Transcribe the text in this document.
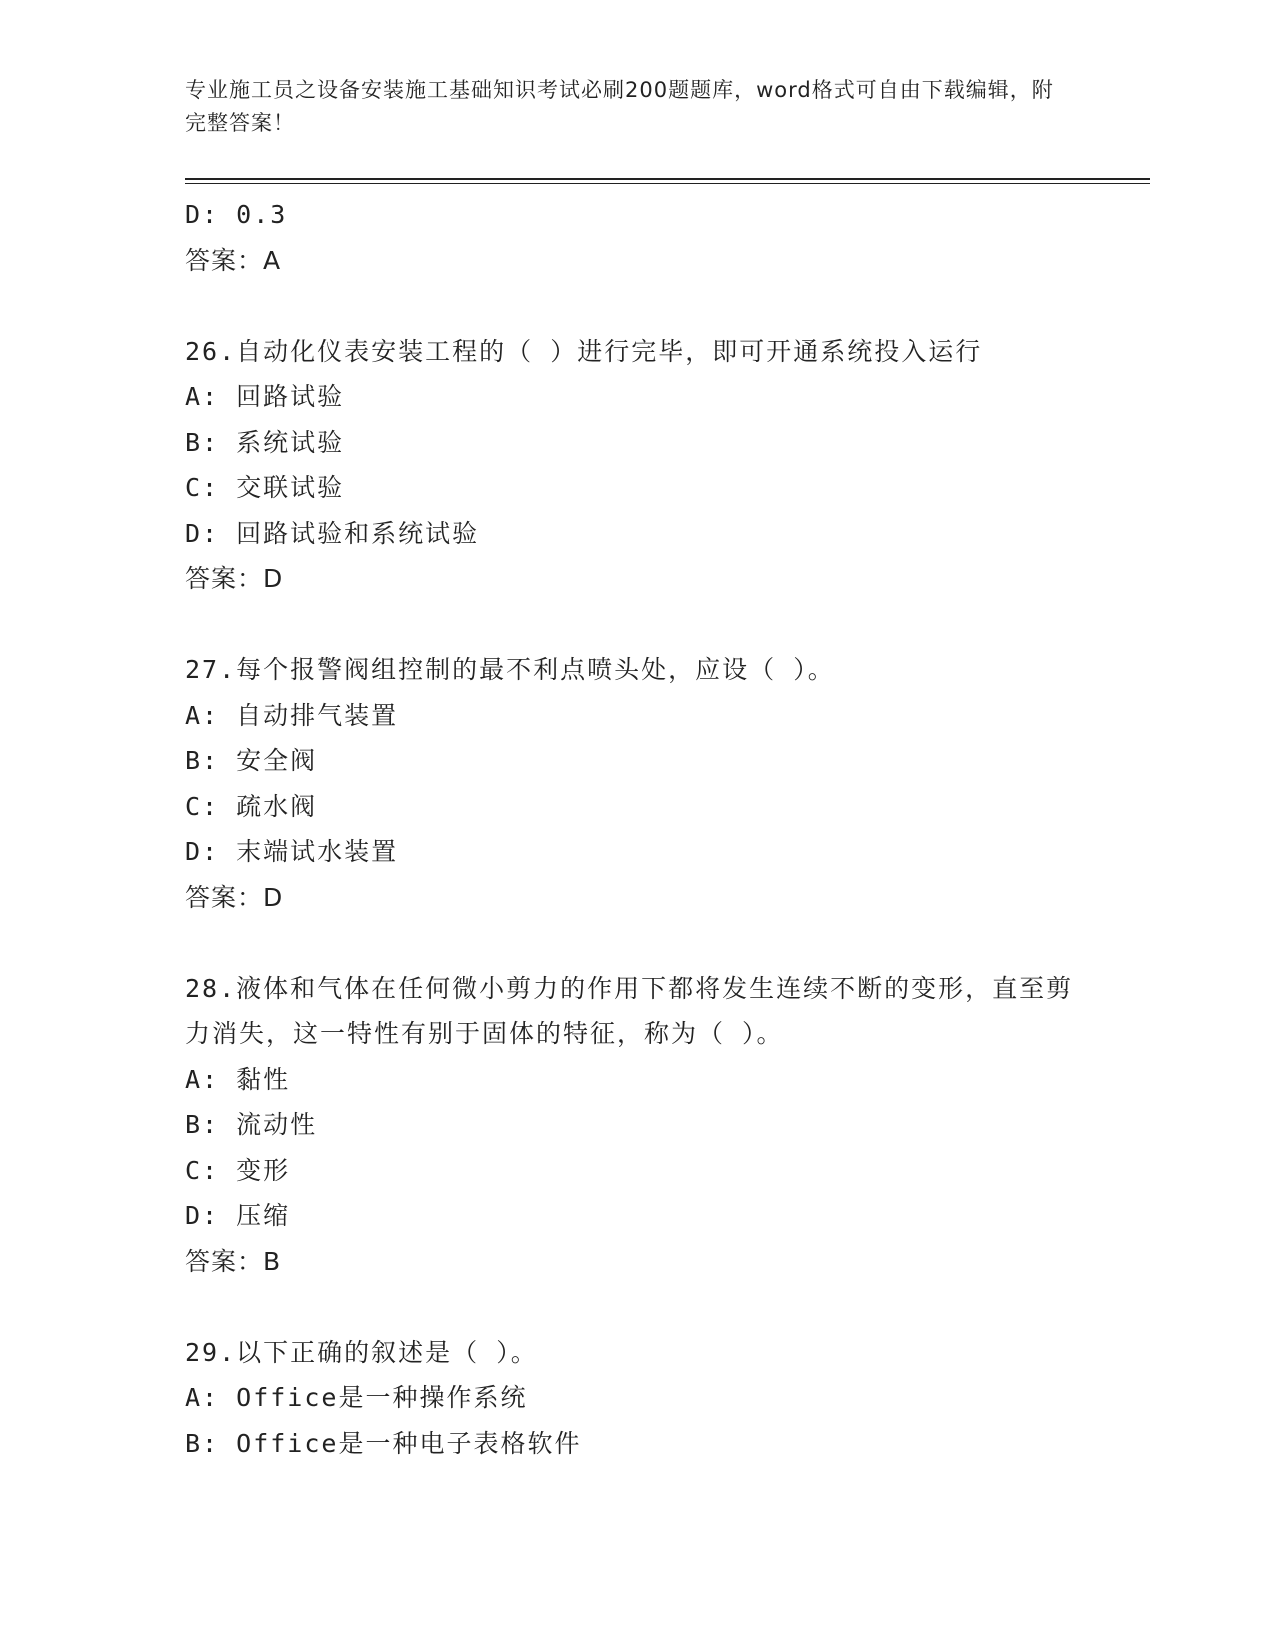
专业施工员之设备安装施工基础知识考试必刷200题题库，word格式可自由下载编辑，附完整答案！
D: 0.3
答案：A
26.自动化仪表安装工程的（ ）进行完毕，即可开通系统投入运行
A: 回路试验
B: 系统试验
C: 交联试验
D: 回路试验和系统试验
答案：D
27.每个报警阀组控制的最不利点喷头处，应设（ ）。
A: 自动排气装置
B: 安全阀
C: 疏水阀
D: 末端试水装置
答案：D
28.液体和气体在任何微小剪力的作用下都将发生连续不断的变形，直至剪力消失，这一特性有别于固体的特征，称为（ ）。
A: 黏性
B: 流动性
C: 变形
D: 压缩
答案：B
29.以下正确的叙述是（ ）。
A: Office是一种操作系统
B: Office是一种电子表格软件
